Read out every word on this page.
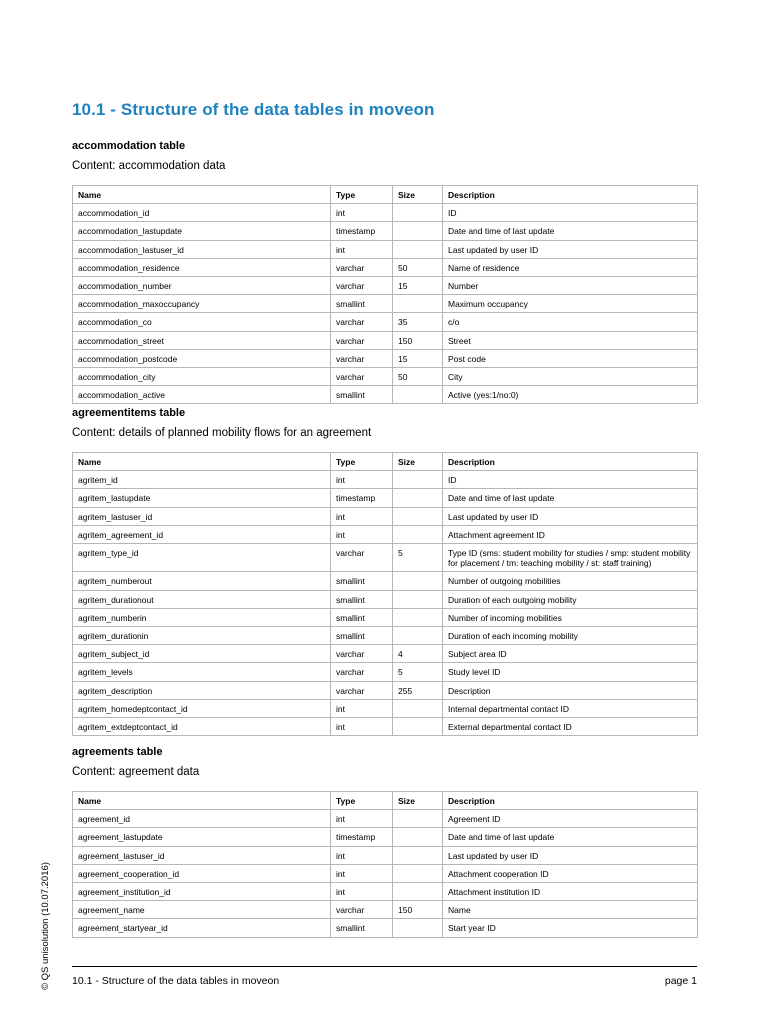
10.1 - Structure of the data tables in moveon
© QS unisolution (10.07.2016)
accommodation table
Content: accommodation data
Name	Type	Size	Description
accommodation_id	int		ID
accommodation_lastupdate	timestamp		Date and time of last update
accommodation_lastuser_id	int		Last updated by user ID
accommodation_residence	varchar	50	Name of residence
accommodation_number	varchar	15	Number
accommodation_maxoccupancy	smallint		Maximum occupancy
accommodation_co	varchar	35	c/o
accommodation_street	varchar	150	Street
accommodation_postcode	varchar	15	Post code
accommodation_city	varchar	50	City
accommodation_active	smallint		Active (yes:1/no:0)
agreementitems table
Content: details of planned mobility flows for an agreement
Name	Type	Size	Description
agritem_id	int		ID
agritem_lastupdate	timestamp		Date and time of last update
agritem_lastuser_id	int		Last updated by user ID
agritem_agreement_id	int		Attachment agreement ID
agritem_type_id	varchar	5	Type ID (sms: student mobility for studies / smp: student mobility for placement / tm: teaching mobility / st: staff training)
agritem_numberout	smallint		Number of outgoing mobilities
agritem_durationout	smallint		Duration of each outgoing mobility
agritem_numberin	smallint		Number of incoming mobilities
agritem_durationin	smallint		Duration of each incoming mobility
agritem_subject_id	varchar	4	Subject area ID
agritem_levels	varchar	5	Study level ID
agritem_description	varchar	255	Description
agritem_homedeptcontact_id	int		Internal departmental contact ID
agritem_extdeptcontact_id	int		External departmental contact ID
agreements table
Content: agreement data
Name	Type	Size	Description
agreement_id	int		Agreement ID
agreement_lastupdate	timestamp		Date and time of last update
agreement_lastuser_id	int		Last updated by user ID
agreement_cooperation_id	int		Attachment cooperation ID
agreement_institution_id	int		Attachment institution ID
agreement_name	varchar	150	Name
agreement_startyear_id	smallint		Start year ID
10.1 - Structure of the data tables in moveon	page 1
